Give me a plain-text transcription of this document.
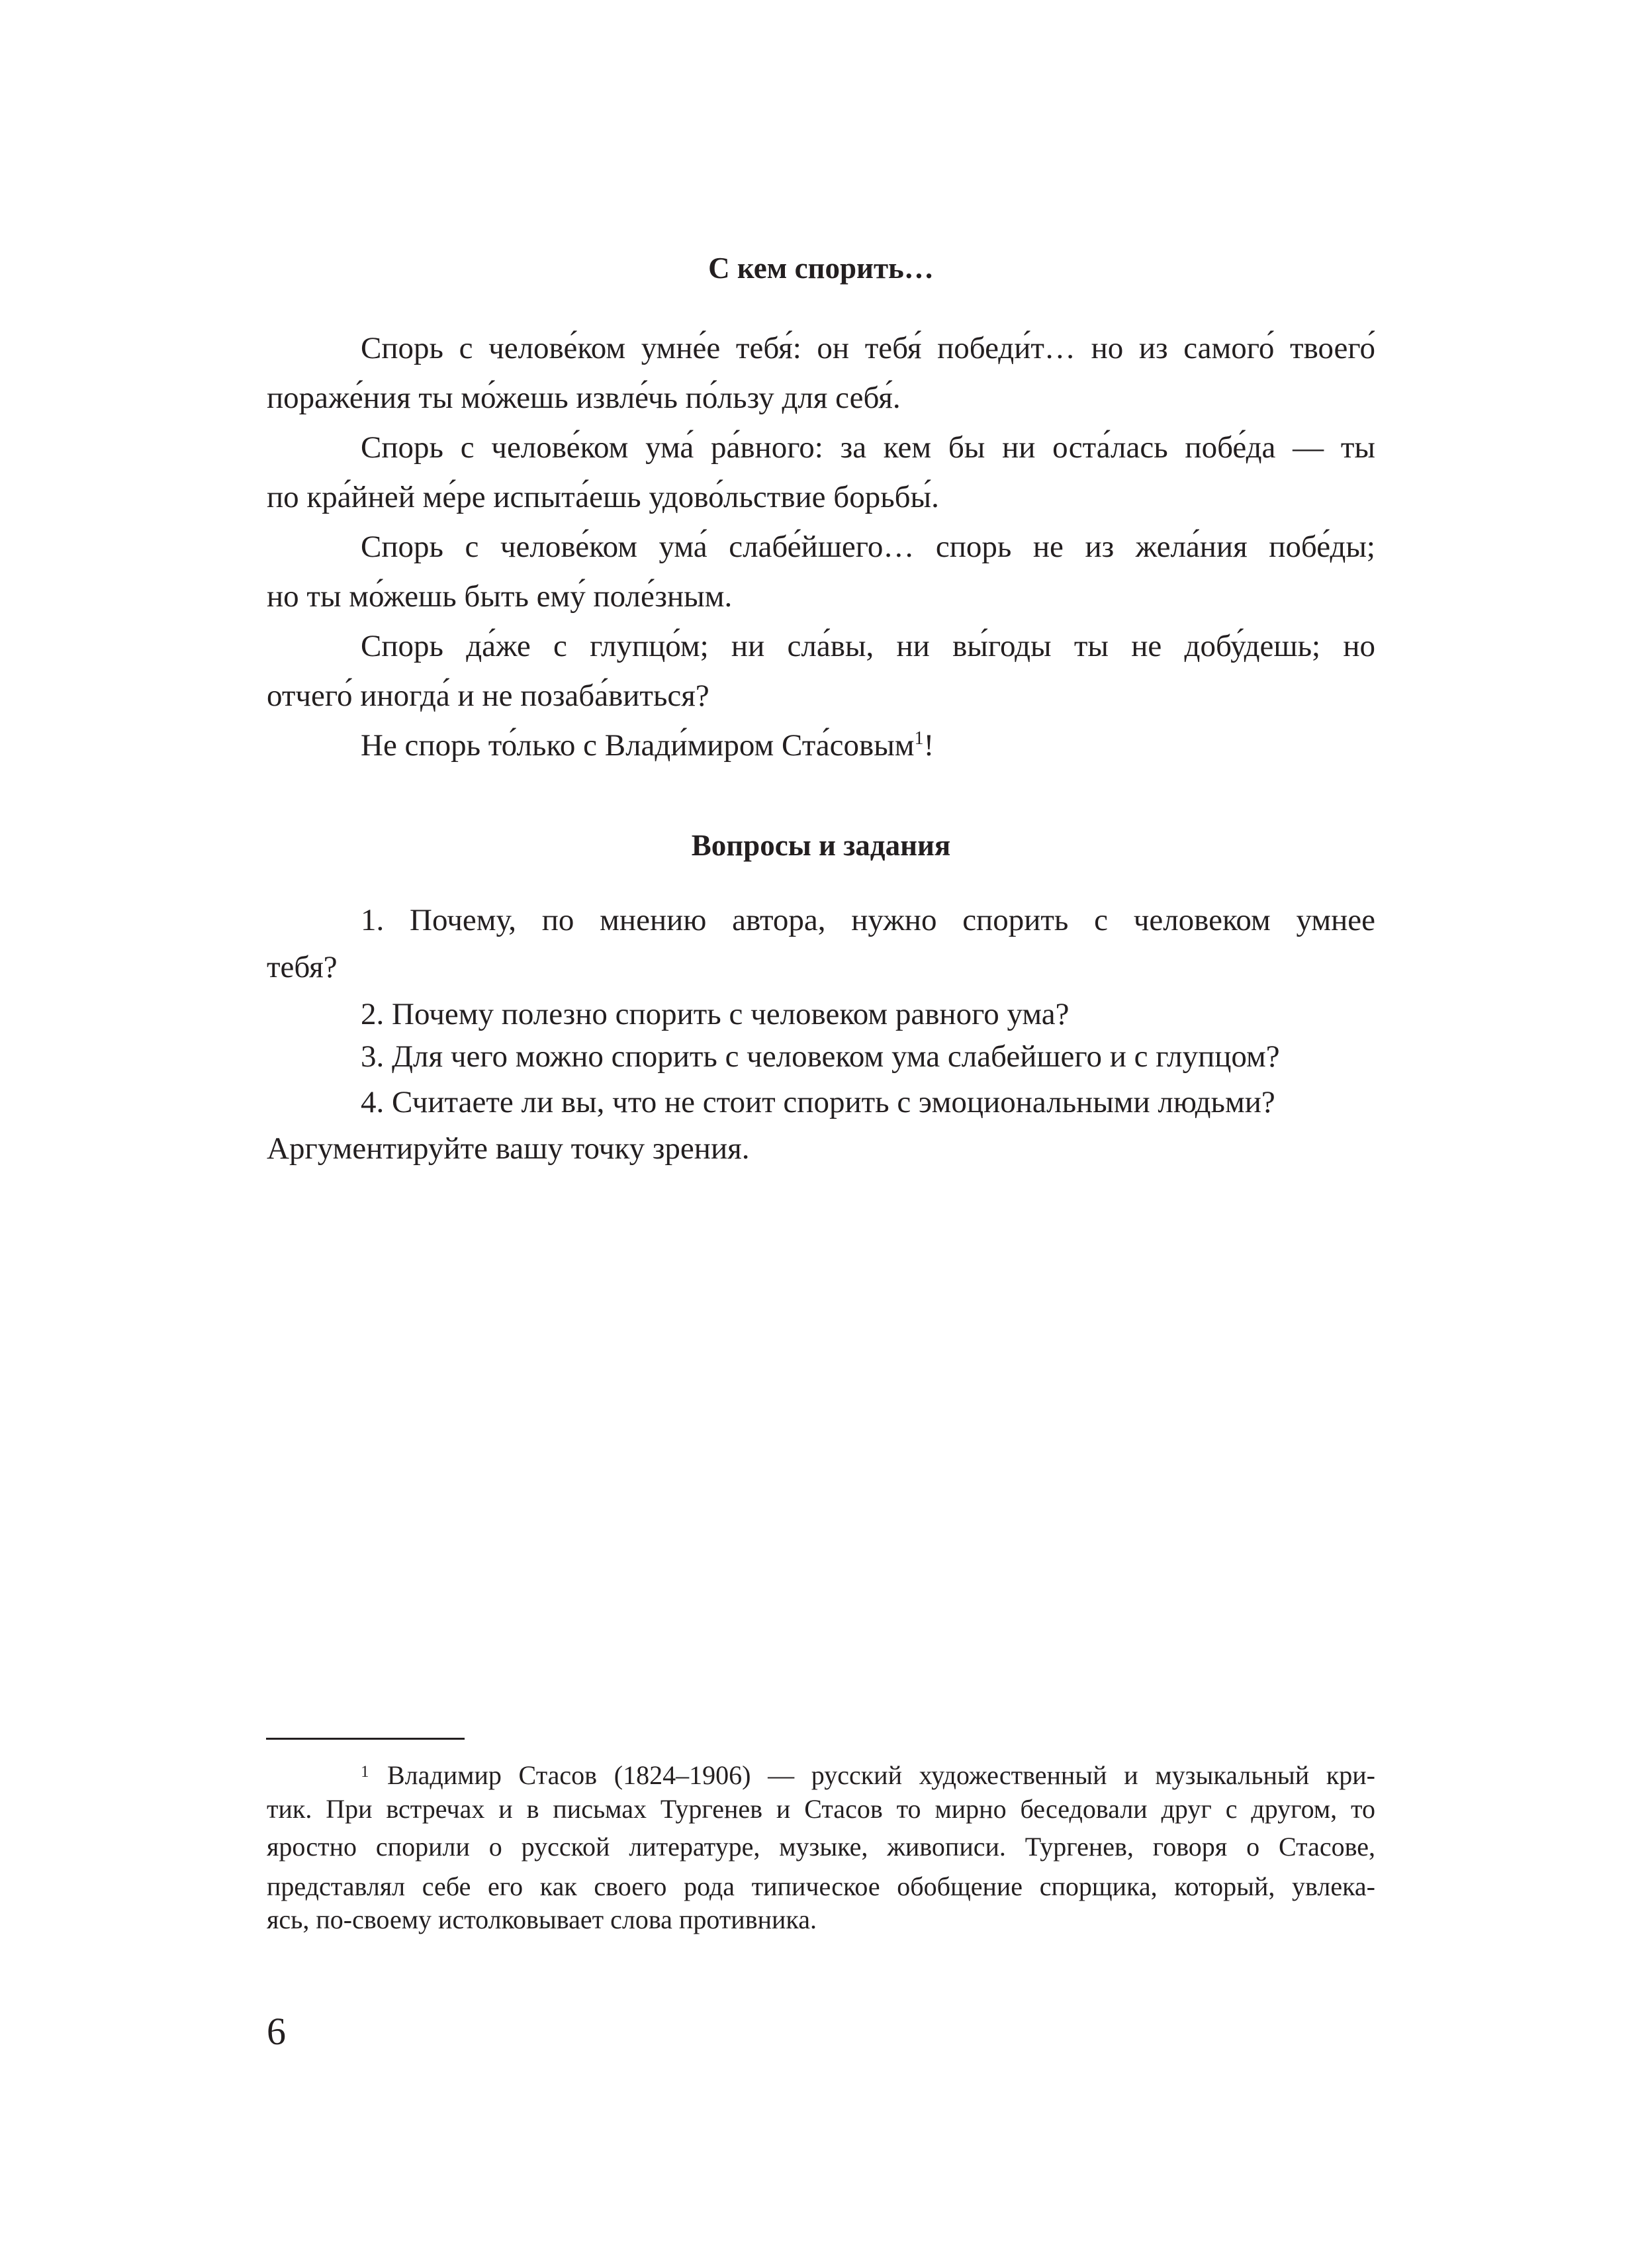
С кем спорить…
Спорь с челове́ком умне́е тебя́: он тебя́ победи́т… но из самого́ твоего́
пораже́ния ты мо́жешь извле́чь по́льзу для себя́.
Спорь с челове́ком ума́ ра́вного: за кем бы ни оста́лась побе́да — ты
по кра́йней ме́ре испыта́ешь удово́льствие борьбы́.
Спорь с челове́ком ума́ слабе́йшего… спорь не из жела́ния побе́ды;
но ты мо́жешь быть ему́ поле́зным.
Спорь да́же с глупцо́м; ни сла́вы, ни вы́годы ты не добу́дешь; но
отчего́ иногда́ и не позаба́виться?
Не спорь то́лько с Влади́миром Ста́совым$^1$!
Вопросы и задания
1. Почему, по мнению автора, нужно спорить с человеком умнее
тебя?
2. Почему полезно спорить с человеком равного ума?
3. Для чего можно спорить с человеком ума слабейшего и с глупцом?
4. Считаете ли вы, что не стоит спорить с эмоциональными людьми?
Аргументируйте вашу точку зрения.
1 Владимир Стасов (1824–1906) — русский художественный и музыкальный кри-
тик. При встречах и в письмах Тургенев и Стасов то мирно беседовали друг с другом, то
яростно спорили о русской литературе, музыке, живописи. Тургенев, говоря о Стасове,
представлял себе его как своего рода типическое обобщение спорщика, который, увлека-
ясь, по-своему истолковывает слова противника.
6
